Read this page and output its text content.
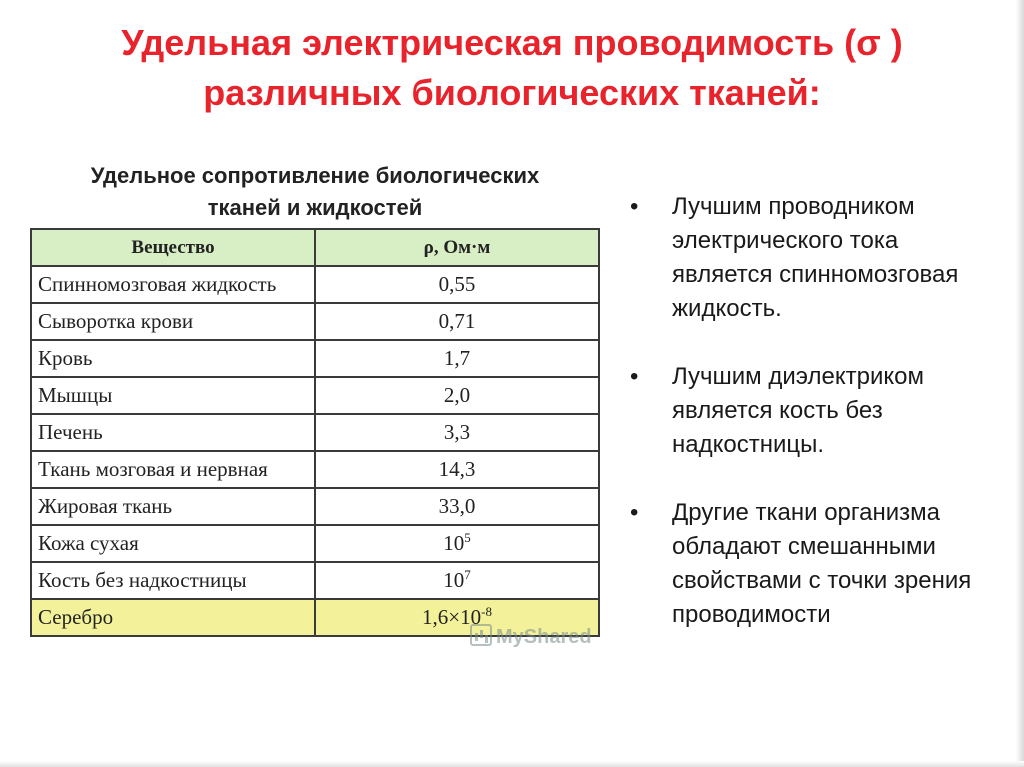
Удельная электрическая проводимость (σ )
различных биологических тканей:
Удельное сопротивление биологических
тканей и жидкостей
Вещество	ρ, Ом·м
Спинномозговая жидкость	0,55
Сыворотка крови	0,71
Кровь	1,7
Мышцы	2,0
Печень	3,3
Ткань мозговая и нервная	14,3
Жировая ткань	33,0
Кожа сухая	$10^5$
Кость без надкостницы	$10^7$
Серебро	$1,6\times 10^{-8}$
MyShared
• Лучшим проводником электрического тока является спинномозговая жидкость.
• Лучшим диэлектриком является кость без надкостницы.
• Другие ткани организма обладают смешанными свойствами с точки зрения проводимости
